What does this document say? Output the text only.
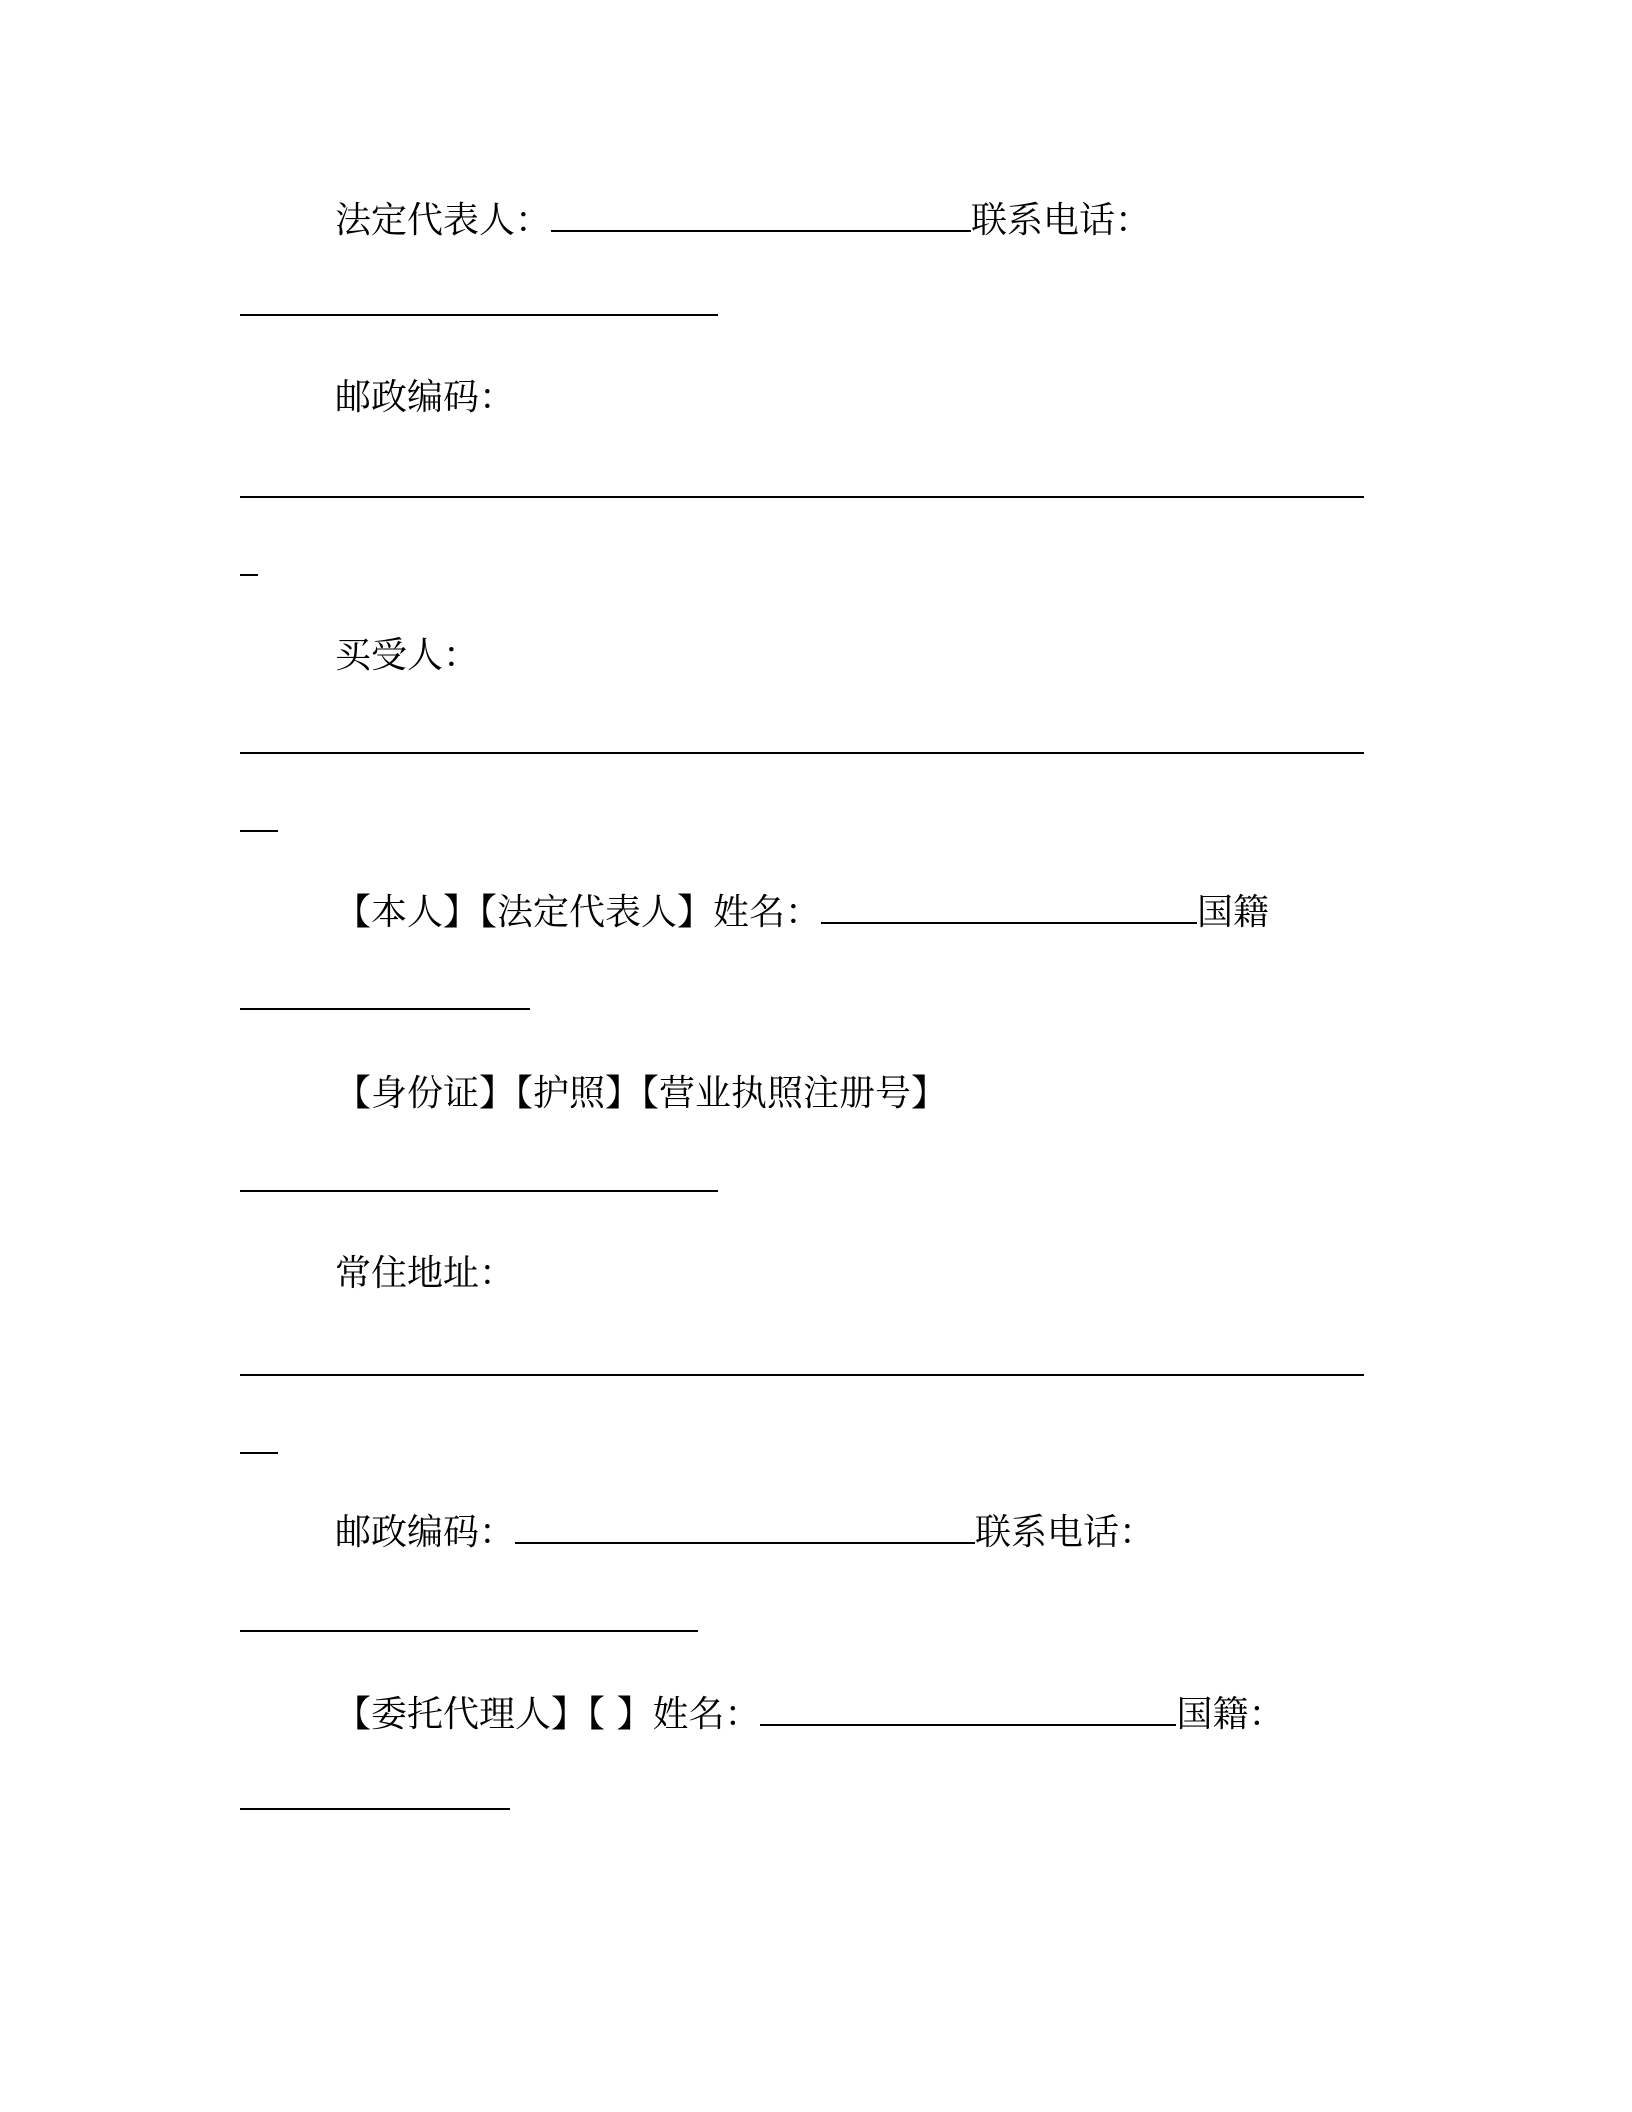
法定代表人：	联系电话：
邮政编码：
买受人：
【本人】【法定代表人】姓名：	国籍
【身份证】【护照】【营业执照注册号】
常住地址：
邮政编码：	联系电话：
【委托代理人】【 】姓名：	国籍：
